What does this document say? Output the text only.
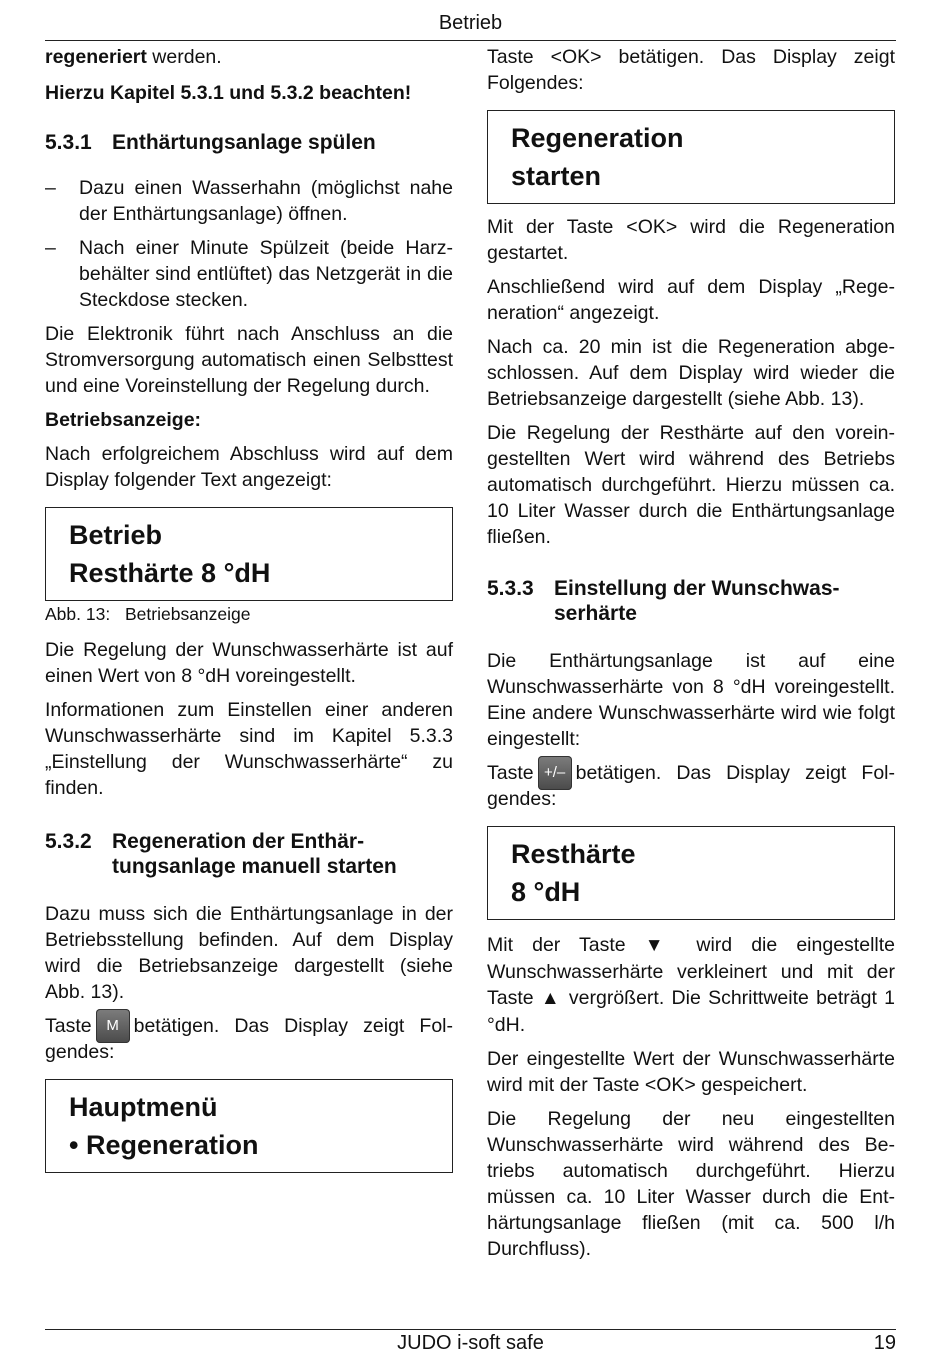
Betrieb

regeneriert werden.

Hierzu Kapitel 5.3.1 und 5.3.2 beachten!

5.3.1 Enthärtungsanlage spülen
– Dazu einen Wasserhahn (möglichst nahe der Enthärtungsanlage) öffnen.
– Nach einer Minute Spülzeit (beide Harzbehälter sind entlüftet) das Netzgerät in die Steckdose stecken.

Die Elektronik führt nach Anschluss an die Stromversorgung automatisch einen Selbsttest und eine Voreinstellung der Regelung durch.

Betriebsanzeige:

Nach erfolgreichem Abschluss wird auf dem Display folgender Text angezeigt:

Betrieb
Resthärte 8 °dH
Abb. 13: Betriebsanzeige

Die Regelung der Wunschwasserhärte ist auf einen Wert von 8 °dH voreingestellt.

Informationen zum Einstellen einer anderen Wunschwasserhärte sind im Kapitel 5.3.3 „Einstellung der Wunschwasserhärte“ zu finden.

5.3.2 Regeneration der Enthärtungsanlage manuell starten

Dazu muss sich die Enthärtungsanlage in der Betriebsstellung befinden. Auf dem Display wird die Betriebsanzeige dargestellt (siehe Abb. 13).

Taste M betätigen. Das Display zeigt Folgendes:

Hauptmenü
• Regeneration

Taste <OK> betätigen. Das Display zeigt Folgendes:

Regeneration
starten

Mit der Taste <OK> wird die Regeneration gestartet.

Anschließend wird auf dem Display „Regeneration“ angezeigt.

Nach ca. 20 min ist die Regeneration abgeschlossen. Auf dem Display wird wieder die Betriebsanzeige dargestellt (siehe Abb. 13).

Die Regelung der Resthärte auf den voreingestellten Wert wird während des Betriebs automatisch durchgeführt. Hierzu müssen ca. 10 Liter Wasser durch die Enthärtungsanlage fließen.

5.3.3 Einstellung der Wunschwasserhärte

Die Enthärtungsanlage ist auf eine Wunschwasserhärte von 8 °dH voreingestellt. Eine andere Wunschwasserhärte wird wie folgt eingestellt:

Taste +/– betätigen. Das Display zeigt Folgendes:

Resthärte
8 °dH

Mit der Taste ▼ wird die eingestellte Wunschwasserhärte verkleinert und mit der Taste ▲ vergrößert. Die Schrittweite beträgt 1 °dH.

Der eingestellte Wert der Wunschwasserhärte wird mit der Taste <OK> gespeichert.

Die Regelung der neu eingestellten Wunschwasserhärte wird während des Betriebs automatisch durchgeführt. Hierzu müssen ca. 10 Liter Wasser durch die Enthärtungsanlage fließen (mit ca. 500 l/h Durchfluss).

JUDO i-soft safe	19
